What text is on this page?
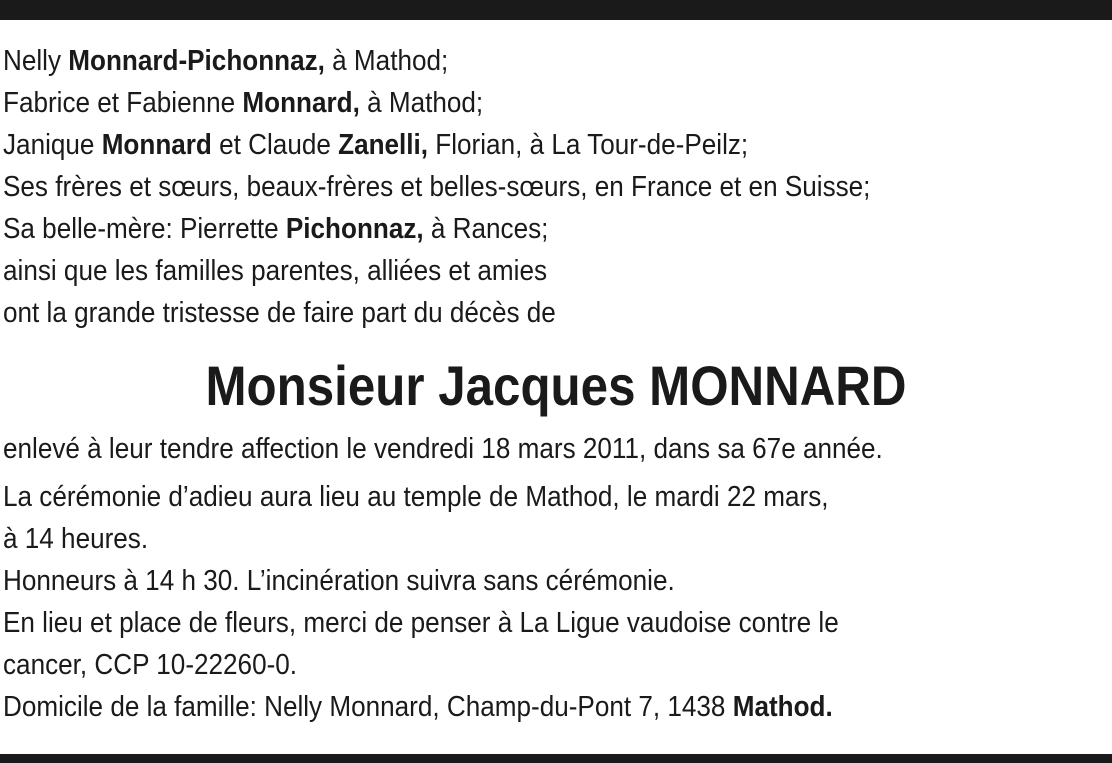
Nelly Monnard-Pichonnaz, à Mathod;
Fabrice et Fabienne Monnard, à Mathod;
Janique Monnard et Claude Zanelli, Florian, à La Tour-de-Peilz;
Ses frères et sœurs, beaux-frères et belles-sœurs, en France et en Suisse;
Sa belle-mère: Pierrette Pichonnaz, à Rances;
ainsi que les familles parentes, alliées et amies
ont la grande tristesse de faire part du décès de
Monsieur Jacques MONNARD
enlevé à leur tendre affection le vendredi 18 mars 2011, dans sa 67e année.
La cérémonie d’adieu aura lieu au temple de Mathod, le mardi 22 mars,
à 14 heures.
Honneurs à 14 h 30. L’incinération suivra sans cérémonie.
En lieu et place de fleurs, merci de penser à La Ligue vaudoise contre le
cancer, CCP 10-22260-0.
Domicile de la famille: Nelly Monnard, Champ-du-Pont 7, 1438 Mathod.
